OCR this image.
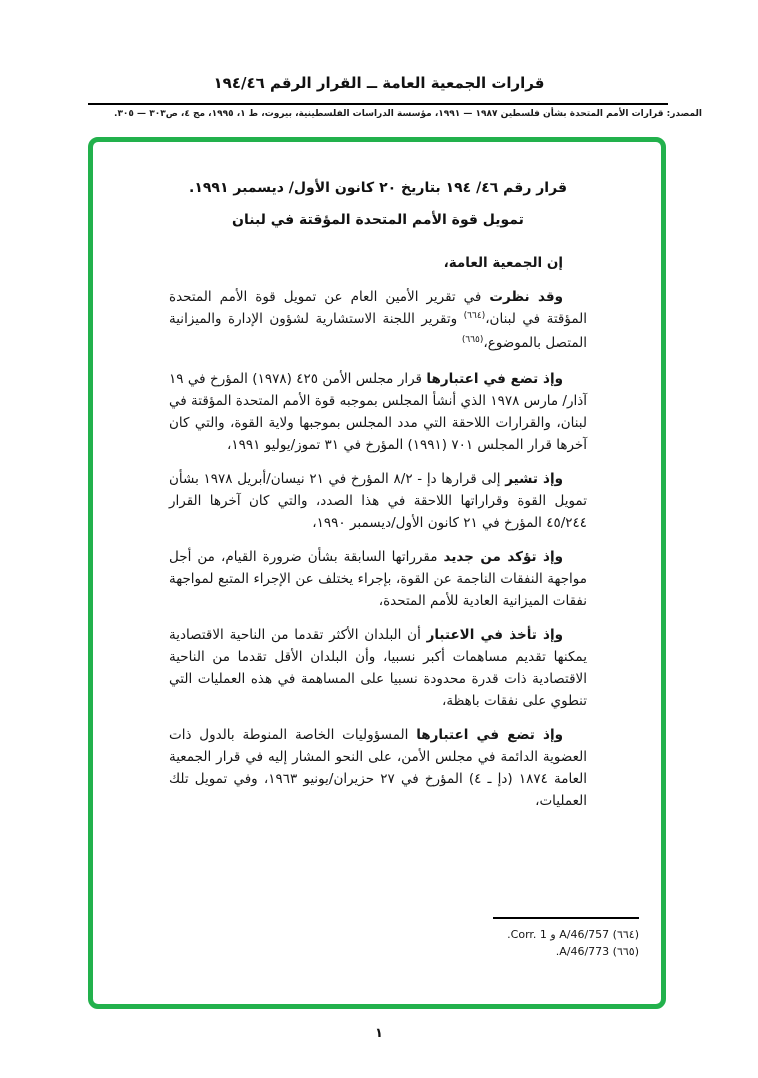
قرارات الجمعية العامة ــ القرار الرقم ١٩٤/٤٦
المصدر: قرارات الأمم المتحدة بشأن فلسطين ١٩٨٧ — ١٩٩١، مؤسسة الدراسات الفلسطينية، بيروت، ط ١، ١٩٩٥، مج ٤، ص٣٠٣ — ٣٠٥.
قرار رقم ٤٦/ ١٩٤ بتاريخ ٢٠ كانون الأول/ ديسمبر ١٩٩١.
تمويل قوة الأمم المتحدة المؤقتة في لبنان

إن الجمعية العامة،

وقد نظرت في تقرير الأمين العام عن تمويل قوة الأمم المتحدة المؤقتة في لبنان،$^{(٦٦٤)}$ وتقرير اللجنة الاستشارية لشؤون الإدارة والميزانية المتصل بالموضوع،$^{(٦٦٥)}$

وإذ تضع في اعتبارها قرار مجلس الأمن ٤٢٥ (١٩٧٨) المؤرخ في ١٩ آذار/ مارس ١٩٧٨ الذي أنشأ المجلس بموجبه قوة الأمم المتحدة المؤقتة في لبنان، والقرارات اللاحقة التي مدد المجلس بموجبها ولاية القوة، والتي كان آخرها قرار المجلس ٧٠١ (١٩٩١) المؤرخ في ٣١ تموز/يوليو ١٩٩١،

وإذ تشير إلى قرارها دإ - ٨/٢ المؤرخ في ٢١ نيسان/أبريل ١٩٧٨ بشأن تمويل القوة وقراراتها اللاحقة في هذا الصدد، والتي كان آخرها القرار ٤٥/٢٤٤ المؤرخ في ٢١ كانون الأول/ديسمبر ١٩٩٠،

وإذ تؤكد من جديد مقرراتها السابقة بشأن ضرورة القيام، من أجل مواجهة النفقات الناجمة عن القوة، بإجراء يختلف عن الإجراء المتبع لمواجهة نفقات الميزانية العادية للأمم المتحدة،

وإذ تأخذ في الاعتبار أن البلدان الأكثر تقدما من الناحية الاقتصادية يمكنها تقديم مساهمات أكبر نسبيا، وأن البلدان الأقل تقدما من الناحية الاقتصادية ذات قدرة محدودة نسبيا على المساهمة في هذه العمليات التي تنطوي على نفقات باهظة،

وإذ تضع في اعتبارها المسؤوليات الخاصة المنوطة بالدول ذات العضوية الدائمة في مجلس الأمن، على النحو المشار إليه في قرار الجمعية العامة ١٨٧٤ (دإ ـ ٤) المؤرخ في ٢٧ حزيران/يونيو ١٩٦٣، وفي تمويل تلك العمليات،

(٦٦٤) A/46/757 و Corr. 1.
(٦٦٥) A/46/773.
١
